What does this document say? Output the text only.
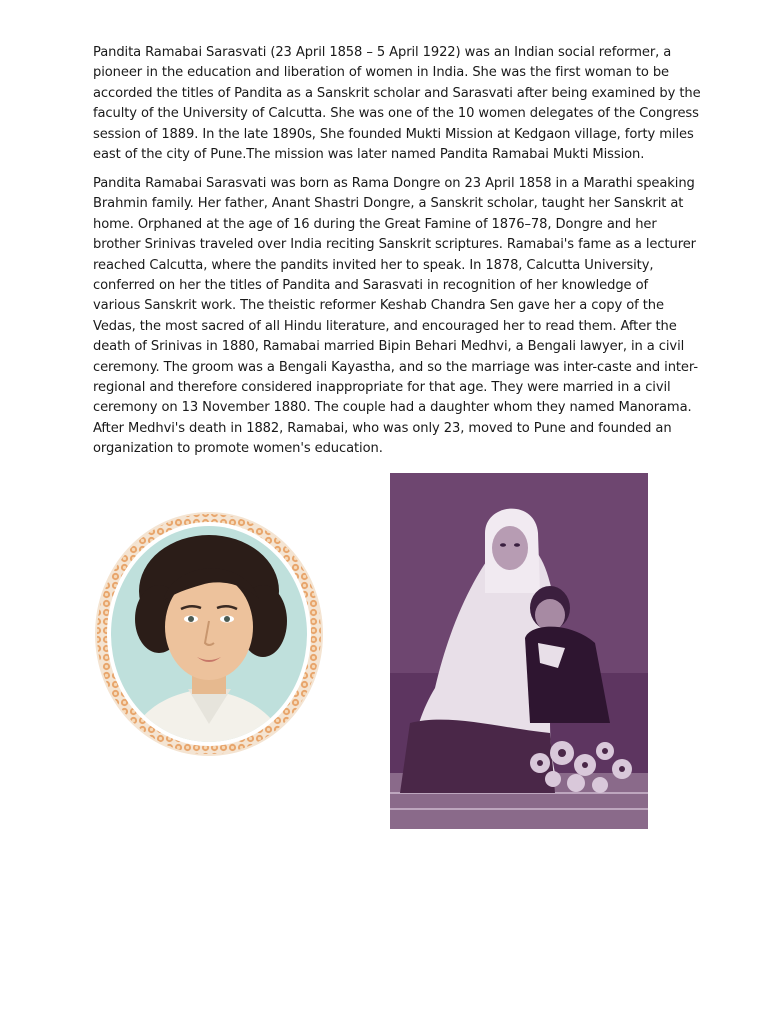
Pandita Ramabai Sarasvati (23 April 1858 – 5 April 1922) was an Indian social reformer, a
pioneer in the education and liberation of women in India. She was the first woman to be
accorded the titles of Pandita as a Sanskrit scholar and Sarasvati after being examined by the
faculty of the University of Calcutta. She was one of the 10 women delegates of the Congress
session of 1889. In the late 1890s, She founded Mukti Mission at Kedgaon village, forty miles
east of the city of Pune.The mission was later named Pandita Ramabai Mukti Mission.

Pandita Ramabai Sarasvati was born as Rama Dongre on 23 April 1858 in a Marathi speaking
Brahmin family. Her father, Anant Shastri Dongre, a Sanskrit scholar, taught her Sanskrit at
home. Orphaned at the age of 16 during the Great Famine of 1876–78, Dongre and her
brother Srinivas traveled over India reciting Sanskrit scriptures. Ramabai's fame as a lecturer
reached Calcutta, where the pandits invited her to speak. In 1878, Calcutta University,
conferred on her the titles of Pandita and Sarasvati in recognition of her knowledge of
various Sanskrit work. The theistic reformer Keshab Chandra Sen gave her a copy of the
Vedas, the most sacred of all Hindu literature, and encouraged her to read them. After the
death of Srinivas in 1880, Ramabai married Bipin Behari Medhvi, a Bengali lawyer, in a civil
ceremony. The groom was a Bengali Kayastha, and so the marriage was inter-caste and inter-
regional and therefore considered inappropriate for that age. They were married in a civil
ceremony on 13 November 1880. The couple had a daughter whom they named Manorama.
After Medhvi's death in 1882, Ramabai, who was only 23, moved to Pune and founded an
organization to promote women's education.
